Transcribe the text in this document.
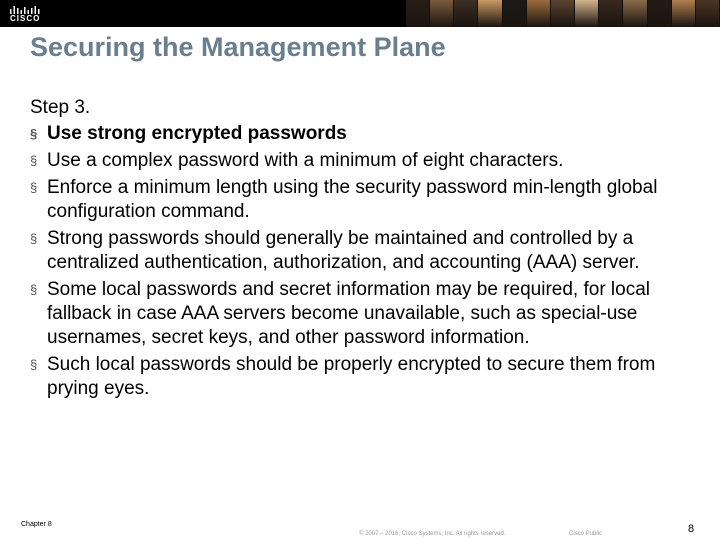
CISCO
Securing the Management Plane
Step 3.
§ Use strong encrypted passwords
§ Use a complex password with a minimum of eight characters.
§ Enforce a minimum length using the security password min-length global configuration command.
§ Strong passwords should generally be maintained and controlled by a centralized authentication, authorization, and accounting (AAA) server.
§ Some local passwords and secret information may be required, for local fallback in case AAA servers become unavailable, such as special-use usernames, secret keys, and other password information.
§ Such local passwords should be properly encrypted to secure them from prying eyes.
Chapter 8
© 2007 – 2016, Cisco Systems, Inc. All rights reserved.	Cisco Public	8
